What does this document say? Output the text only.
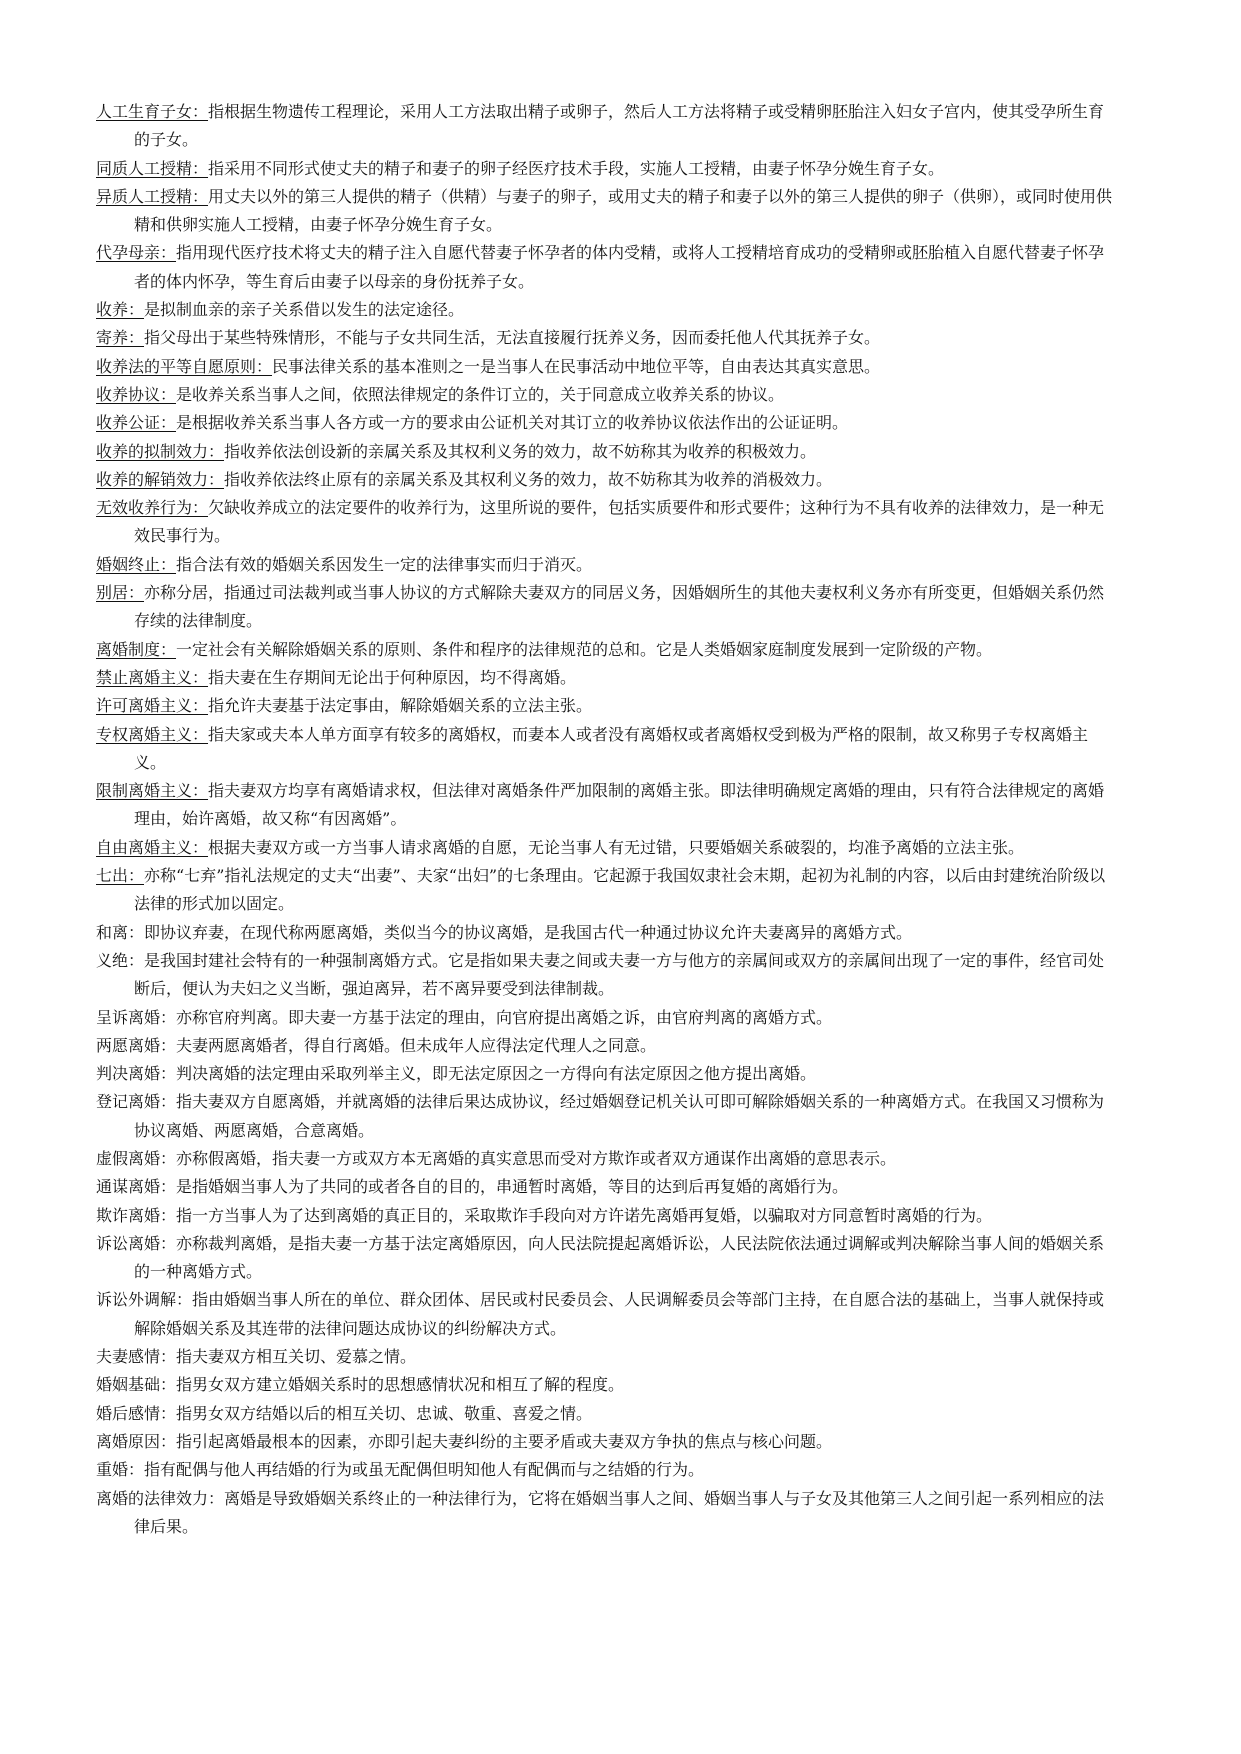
人工生育子女：指根据生物遗传工程理论，采用人工方法取出精子或卵子，然后人工方法将精子或受精卵胚胎注入妇女子宫内，使其受孕所生育的子女。

同质人工授精：指采用不同形式使丈夫的精子和妻子的卵子经医疗技术手段，实施人工授精，由妻子怀孕分娩生育子女。

异质人工授精：用丈夫以外的第三人提供的精子（供精）与妻子的卵子，或用丈夫的精子和妻子以外的第三人提供的卵子（供卵），或同时使用供精和供卵实施人工授精，由妻子怀孕分娩生育子女。

代孕母亲：指用现代医疗技术将丈夫的精子注入自愿代替妻子怀孕者的体内受精，或将人工授精培育成功的受精卵或胚胎植入自愿代替妻子怀孕者的体内怀孕，等生育后由妻子以母亲的身份抚养子女。

收养：是拟制血亲的亲子关系借以发生的法定途径。

寄养：指父母出于某些特殊情形，不能与子女共同生活，无法直接履行抚养义务，因而委托他人代其抚养子女。

收养法的平等自愿原则：民事法律关系的基本准则之一是当事人在民事活动中地位平等，自由表达其真实意思。

收养协议：是收养关系当事人之间，依照法律规定的条件订立的，关于同意成立收养关系的协议。

收养公证：是根据收养关系当事人各方或一方的要求由公证机关对其订立的收养协议依法作出的公证证明。

收养的拟制效力：指收养依法创设新的亲属关系及其权利义务的效力，故不妨称其为收养的积极效力。

收养的解销效力：指收养依法终止原有的亲属关系及其权利义务的效力，故不妨称其为收养的消极效力。

无效收养行为：欠缺收养成立的法定要件的收养行为，这里所说的要件，包括实质要件和形式要件；这种行为不具有收养的法律效力，是一种无效民事行为。

婚姻终止：指合法有效的婚姻关系因发生一定的法律事实而归于消灭。

别居：亦称分居，指通过司法裁判或当事人协议的方式解除夫妻双方的同居义务，因婚姻所生的其他夫妻权利义务亦有所变更，但婚姻关系仍然存续的法律制度。

离婚制度：一定社会有关解除婚姻关系的原则、条件和程序的法律规范的总和。它是人类婚姻家庭制度发展到一定阶级的产物。

禁止离婚主义：指夫妻在生存期间无论出于何种原因，均不得离婚。

许可离婚主义：指允许夫妻基于法定事由，解除婚姻关系的立法主张。

专权离婚主义：指夫家或夫本人单方面享有较多的离婚权，而妻本人或者没有离婚权或者离婚权受到极为严格的限制，故又称男子专权离婚主义。

限制离婚主义：指夫妻双方均享有离婚请求权，但法律对离婚条件严加限制的离婚主张。即法律明确规定离婚的理由，只有符合法律规定的离婚理由，始许离婚，故又称“有因离婚”。

自由离婚主义：根据夫妻双方或一方当事人请求离婚的自愿，无论当事人有无过错，只要婚姻关系破裂的，均准予离婚的立法主张。

七出：亦称“七弃”指礼法规定的丈夫“出妻”、夫家“出妇”的七条理由。它起源于我国奴隶社会末期，起初为礼制的内容，以后由封建统治阶级以法律的形式加以固定。

和离：即协议弃妻，在现代称两愿离婚，类似当今的协议离婚，是我国古代一种通过协议允许夫妻离异的离婚方式。

义绝：是我国封建社会特有的一种强制离婚方式。它是指如果夫妻之间或夫妻一方与他方的亲属间或双方的亲属间出现了一定的事件，经官司处断后，便认为夫妇之义当断，强迫离异，若不离异要受到法律制裁。

呈诉离婚：亦称官府判离。即夫妻一方基于法定的理由，向官府提出离婚之诉，由官府判离的离婚方式。

两愿离婚：夫妻两愿离婚者，得自行离婚。但未成年人应得法定代理人之同意。

判决离婚：判决离婚的法定理由采取列举主义，即无法定原因之一方得向有法定原因之他方提出离婚。

登记离婚：指夫妻双方自愿离婚，并就离婚的法律后果达成协议，经过婚姻登记机关认可即可解除婚姻关系的一种离婚方式。在我国又习惯称为协议离婚、两愿离婚，合意离婚。

虚假离婚：亦称假离婚，指夫妻一方或双方本无离婚的真实意思而受对方欺诈或者双方通谋作出离婚的意思表示。

通谋离婚：是指婚姻当事人为了共同的或者各自的目的，串通暂时离婚，等目的达到后再复婚的离婚行为。

欺诈离婚：指一方当事人为了达到离婚的真正目的，采取欺诈手段向对方许诺先离婚再复婚，以骗取对方同意暂时离婚的行为。

诉讼离婚：亦称裁判离婚，是指夫妻一方基于法定离婚原因，向人民法院提起离婚诉讼，人民法院依法通过调解或判决解除当事人间的婚姻关系的一种离婚方式。

诉讼外调解：指由婚姻当事人所在的单位、群众团体、居民或村民委员会、人民调解委员会等部门主持，在自愿合法的基础上，当事人就保持或解除婚姻关系及其连带的法律问题达成协议的纠纷解决方式。

夫妻感情：指夫妻双方相互关切、爱慕之情。

婚姻基础：指男女双方建立婚姻关系时的思想感情状况和相互了解的程度。

婚后感情：指男女双方结婚以后的相互关切、忠诚、敬重、喜爱之情。

离婚原因：指引起离婚最根本的因素，亦即引起夫妻纠纷的主要矛盾或夫妻双方争执的焦点与核心问题。

重婚：指有配偶与他人再结婚的行为或虽无配偶但明知他人有配偶而与之结婚的行为。

离婚的法律效力：离婚是导致婚姻关系终止的一种法律行为，它将在婚姻当事人之间、婚姻当事人与子女及其他第三人之间引起一系列相应的法律后果。
